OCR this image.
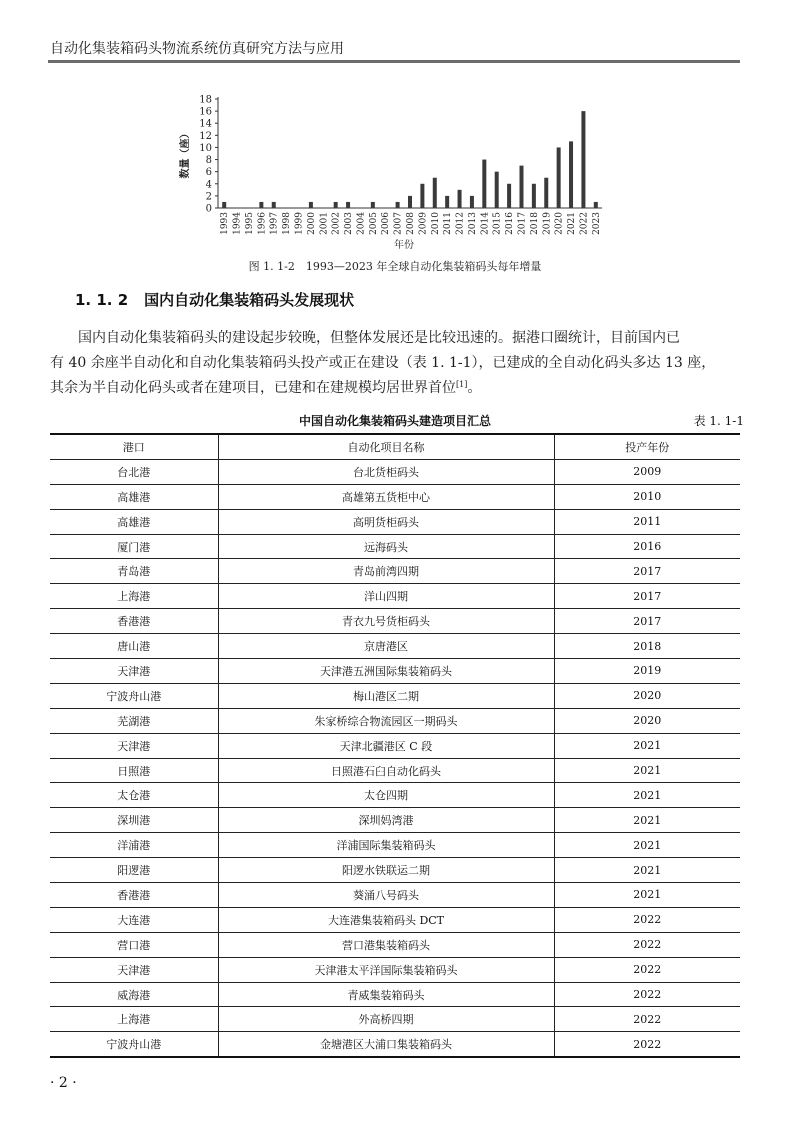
自动化集装箱码头物流系统仿真研究方法与应用
0
2
4
6
8
10
12
14
16
18
数量（座）
1993 1994 1995 1996 1997 1998 1999 2000 2001 2002 2003 2004 2005 2006 2007 2008 2009 2010 2011 2012 2013 2014 2015 2016 2017 2018 2019 2020 2021 2022 2023
年份
图 1. 1-2　1993—2023 年全球自动化集装箱码头每年增量
1. 1. 2 国内自动化集装箱码头发展现状

国内自动化集装箱码头的建设起步较晚，但整体发展还是比较迅速的。据港口圈统计，目前国内已
有 40 余座半自动化和自动化集装箱码头投产或正在建设（表 1. 1-1），已建成的全自动化码头多达 13 座，
其余为半自动化码头或者在建项目，已建和在建规模均居世界首位[1]。

中国自动化集装箱码头建造项目汇总	表 1. 1-1
港口	自动化项目名称	投产年份
台北港	台北货柜码头	2009
高雄港	高雄第五货柜中心	2010
高雄港	高明货柜码头	2011
厦门港	远海码头	2016
青岛港	青岛前湾四期	2017
上海港	洋山四期	2017
香港港	青衣九号货柜码头	2017
唐山港	京唐港区	2018
天津港	天津港五洲国际集装箱码头	2019
宁波舟山港	梅山港区二期	2020
芜湖港	朱家桥综合物流园区一期码头	2020
天津港	天津北疆港区 C 段	2021
日照港	日照港石臼自动化码头	2021
太仓港	太仓四期	2021
深圳港	深圳妈湾港	2021
洋浦港	洋浦国际集装箱码头	2021
阳逻港	阳逻水铁联运二期	2021
香港港	葵涌八号码头	2021
大连港	大连港集装箱码头 DCT	2022
营口港	营口港集装箱码头	2022
天津港	天津港太平洋国际集装箱码头	2022
威海港	青威集装箱码头	2022
上海港	外高桥四期	2022
宁波舟山港	金塘港区大浦口集装箱码头	2022
· 2 ·
